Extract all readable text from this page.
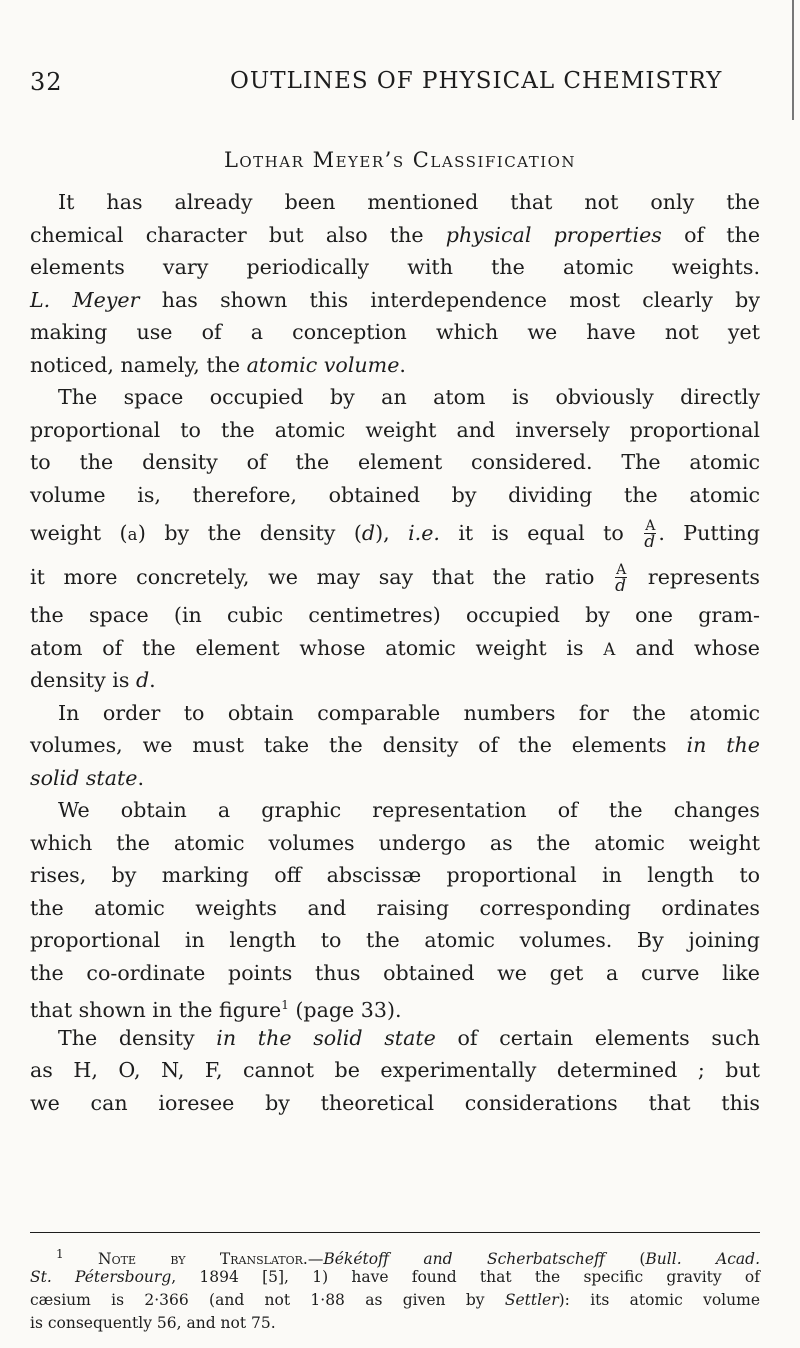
32	OUTLINES OF PHYSICAL CHEMISTRY
Lothar Meyer’s Classification
It has already been mentioned that not only the
chemical character but also the physical properties of the
elements vary periodically with the atomic weights.
L. Meyer has shown this interdependence most clearly by
making use of a conception which we have not yet
noticed, namely, the atomic volume.
The space occupied by an atom is obviously directly
proportional to the atomic weight and inversely proportional
to the density of the element considered. The atomic
volume is, therefore, obtained by dividing the atomic
weight (a) by the density (d), i.e. it is equal to $\frac{A}{d}$ . Putting
it more concretely, we may say that the ratio $\frac{A}{d}$ represents
the space (in cubic centimetres) occupied by one gram-
atom of the element whose atomic weight is A and whose
density is d.
In order to obtain comparable numbers for the atomic
volumes, we must take the density of the elements in the
solid state.
We obtain a graphic representation of the changes
which the atomic volumes undergo as the atomic weight
rises, by marking off abscissæ proportional in length to
the atomic weights and raising corresponding ordinates
proportional in length to the atomic volumes. By joining
the co-ordinate points thus obtained we get a curve like
that shown in the figure$^1$ (page 33).
The density in the solid state of certain elements such
as H, O, N, F, cannot be experimentally determined ; but
we can ioresee by theoretical considerations that this
$^1$ Note by Translator.—Békétoff and Scherbatscheff (Bull. Acad.
St. Pétersbourg, 1894 [5], 1) have found that the specific gravity of
cæsium is 2·366 (and not 1·88 as given by Settler): its atomic volume
is consequently 56, and not 75.
